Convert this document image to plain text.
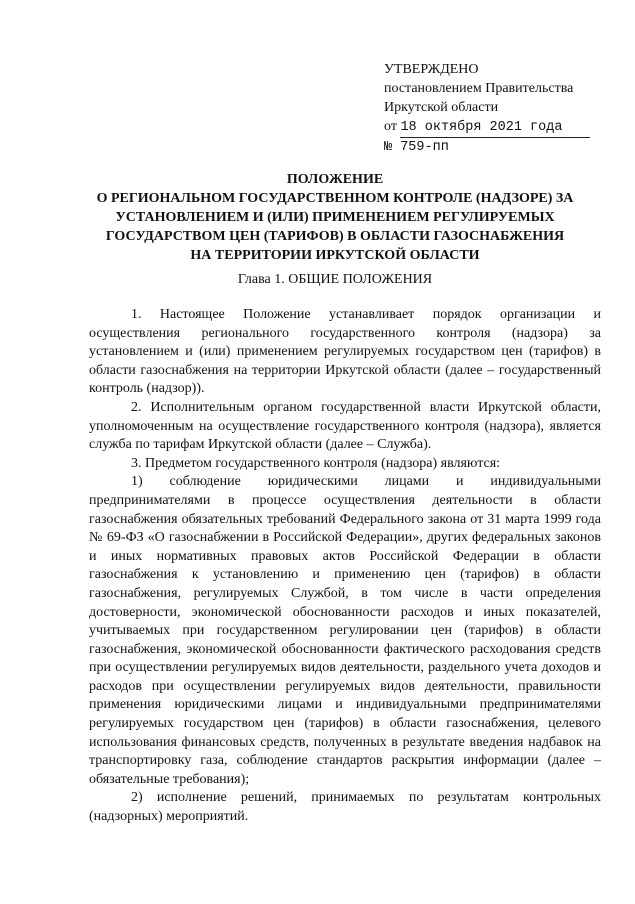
УТВЕРЖДЕНО
постановлением Правительства
Иркутской области
от 18 октября 2021 года
№ 759-пп
ПОЛОЖЕНИЕ
О РЕГИОНАЛЬНОМ ГОСУДАРСТВЕННОМ КОНТРОЛЕ (НАДЗОРЕ) ЗА
УСТАНОВЛЕНИЕМ И (ИЛИ) ПРИМЕНЕНИЕМ РЕГУЛИРУЕМЫХ
ГОСУДАРСТВОМ ЦЕН (ТАРИФОВ) В ОБЛАСТИ ГАЗОСНАБЖЕНИЯ
НА ТЕРРИТОРИИ ИРКУТСКОЙ ОБЛАСТИ
Глава 1. ОБЩИЕ ПОЛОЖЕНИЯ

1. Настоящее Положение устанавливает порядок организации и осуществления регионального государственного контроля (надзора) за установлением и (или) применением регулируемых государством цен (тарифов) в области газоснабжения на территории Иркутской области (далее – государственный контроль (надзор)).

2. Исполнительным органом государственной власти Иркутской области, уполномоченным на осуществление государственного контроля (надзора), является служба по тарифам Иркутской области (далее – Служба).

3. Предметом государственного контроля (надзора) являются:

1) соблюдение юридическими лицами и индивидуальными предпринимателями в процессе осуществления деятельности в области газоснабжения обязательных требований Федерального закона от 31 марта 1999 года № 69-ФЗ «О газоснабжении в Российской Федерации», других федеральных законов и иных нормативных правовых актов Российской Федерации в области газоснабжения к установлению и применению цен (тарифов) в области газоснабжения, регулируемых Службой, в том числе в части определения достоверности, экономической обоснованности расходов и иных показателей, учитываемых при государственном регулировании цен (тарифов) в области газоснабжения, экономической обоснованности фактического расходования средств при осуществлении регулируемых видов деятельности, раздельного учета доходов и расходов при осуществлении регулируемых видов деятельности, правильности применения юридическими лицами и индивидуальными предпринимателями регулируемых государством цен (тарифов) в области газоснабжения, целевого использования финансовых средств, полученных в результате введения надбавок на транспортировку газа, соблюдение стандартов раскрытия информации (далее – обязательные требования);

2) исполнение решений, принимаемых по результатам контрольных (надзорных) мероприятий.
